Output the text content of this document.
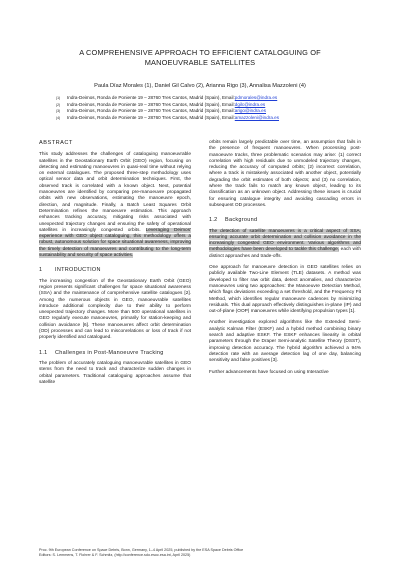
A COMPREHENSIVE APPROACH TO EFFICIENT CATALOGUING OF
MANOEUVRABLE SATELLITES
Paula Díaz Morales (1), Daniel Gil Calvo (2), Arianna Rigo (3), Annalisa Mazzoleni (4)
(1)	Indra-Deimos, Ronda de Poniente 19 – 28760 Tres Cantos, Madrid (Spain), Email: pdmorales@indra.es
(2)	Indra-Deimos, Ronda de Poniente 19 – 28760 Tres Cantos, Madrid (Spain), Email: dgilc@indra.es
(3)	Indra-Deimos, Ronda de Poniente 19 – 28760 Tres Cantos, Madrid (Spain), Email: arigo@indra.es
(4)	Indra-Deimos, Ronda de Poniente 19 – 28760 Tres Cantos, Madrid (Spain), Email: amazzoleni@indra.es
ABSTRACT

This study addresses the challenges of cataloguing manoeuvrable satellites in the Geostationary Earth Orbit (GEO) region, focusing on detecting and estimating manoeuvres in quasi-real time without relying on external catalogues. The proposed three-step methodology uses optical sensor data and orbit determination techniques. First, the observed track is correlated with a known object. Next, potential manoeuvres are identified by comparing pre-manoeuvre propagated orbits with new observations, estimating the manoeuvre epoch, direction, and magnitude. Finally, a Batch Least Squares Orbit Determination refines the manoeuvre estimation. This approach enhances tracking accuracy, mitigating risks associated with unexpected trajectory changes and ensuring the safety of operational satellites in increasingly congested orbits. Leveraging Deimos' experience with GEO object cataloguing, this methodology offers a robust, autonomous solution for space situational awareness, improving the timely detection of manoeuvres and contributing to the long-term sustainability and security of space activities.

1 INTRODUCTION

The increasing congestion of the Geostationary Earth Orbit (GEO) region presents significant challenges for space situational awareness (SSA) and the maintenance of comprehensive satellite catalogues [2]. Among the numerous objects in GEO, manoeuvrable satellites introduce additional complexity due to their ability to perform unexpected trajectory changes. More than 500 operational satellites in GEO regularly execute manoeuvres, primarily for station-keeping and collision avoidance [6]. These manoeuvres affect orbit determination (OD) processes and can lead to misconrelations or loss of track if not properly identified and catalogued.

1.1 Challenges in Post-Manoeuvre Tracking

The problem of accurately cataloguing manoeuvrable satellites in GEO stems from the need to track and characterize sudden changes in orbital parameters. Traditional cataloguing approaches assume that satellite

orbits remain largely predictable over time, an assumption that fails in the presence of frequent manoeuvres. When processing post-manoeuvre tracks, three problematic scenarios may arise: (1) correct correlation with high residuals due to unmodeled trajectory changes, reducing the accuracy of computed orbits; (2) incorrect correlation, where a track is mistakenly associated with another object, potentially degrading the orbit estimates of both objects; and (3) no correlation, where the track fails to match any known object, leading to its classification as an unknown object. Addressing these issues is crucial for ensuring catalogue integrity and avoiding cascading errors in subsequent OD processes.

1.2 Background

The detection of satellite manoeuvres is a critical aspect of SSA, ensuring accurate orbit determination and collision avoidance in the increasingly congested GEO environment. Various algorithms and methodologies have been developed to tackle this challenge, each with distinct approaches and trade-offs.

One approach for manoeuvre detection in GEO satellites relies on publicly available Two-Line Element (TLE) datasets. A method was developed to filter raw orbit data, detect anomalies, and characterize manoeuvres using two approaches: the Manoeuvre Detection Method, which flags deviations exceeding a set threshold, and the Frequency Fit Method, which identifies regular manoeuvre cadences by minimizing residuals. This dual approach effectively distinguishes in-plane (IP) and out-of-plane (OOP) manoeuvres while identifying propulsion types [1].

Another investigation explored algorithms like the Extended Semi-analytic Kalman Filter (ESKF) and a hybrid method combining binary search and adaptive ESKF. The ESKF enhances linearity in orbital parameters through the Draper Semi-analytic Satellite Theory (DSST), improving detection accuracy. The hybrid algorithm achieved a 94% detection rate with an average detection lag of one day, balancing sensitivity and false positives [3].

Further advancements have focused on using Interactive

Proc. 9th European Conference on Space Debris, Bonn, Germany, 1–4 April 2025, published by the ESA Space Debris Office
Editors: S. Lemmens, T. Flohrer & F. Schmitz, (http://conference.sdo.esoc.esa.int, April 2025)
